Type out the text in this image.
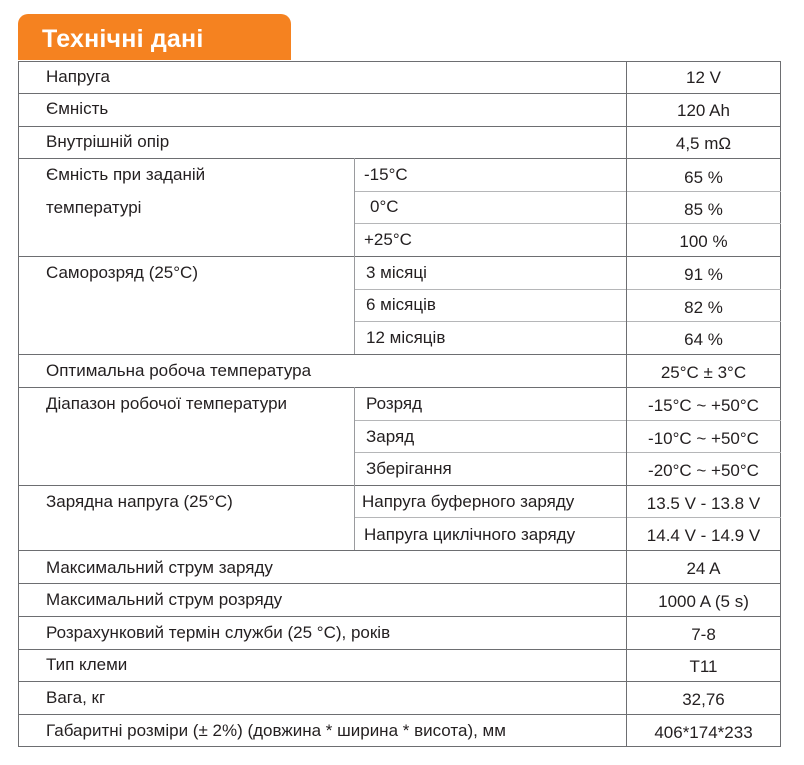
Технічні дані
Напруга	12 V
Ємність	120 Ah
Внутрішній опір	4,5 mΩ
Ємність при заданій
температурі
-15°C	65 %
0°C	85 %
+25°C	100 %
Саморозряд (25°C)	3 місяці	91 %
6 місяців	82 %
12 місяців	64 %
Оптимальна робоча температура	25°C ± 3°C
Діапазон робочої температури	Розряд	-15°C ~ +50°C
Заряд	-10°C ~ +50°C
Зберігання	-20°C ~ +50°C
Зарядна напруга (25°C)	Напруга буферного заряду	13.5 V - 13.8 V
Напруга циклічного заряду	14.4 V - 14.9 V
Максимальний струм заряду	24 A
Максимальний струм розряду	1000 A (5 s)
Розрахунковий термін служби (25 °C), років	7-8
Тип клеми	T11
Вага, кг	32,76
Габаритні розміри (± 2%) (довжина * ширина * висота), мм	406*174*233
